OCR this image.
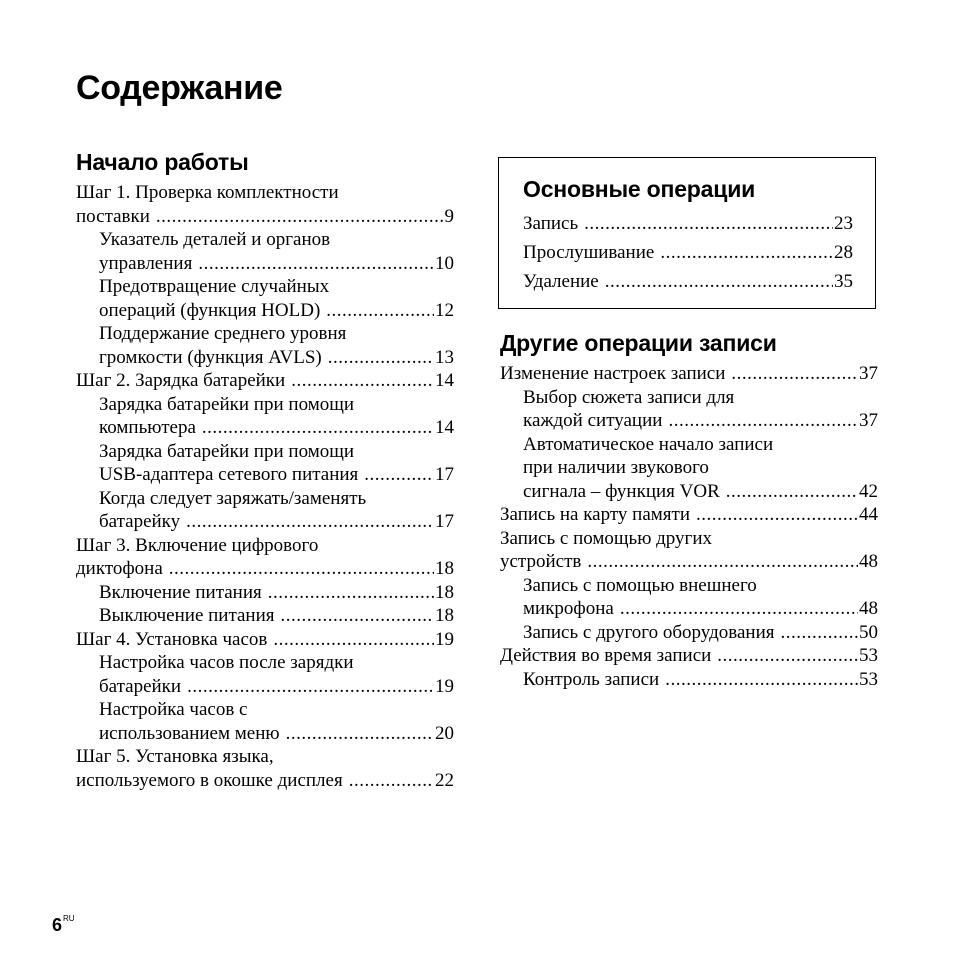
Содержание
Начало работы
Шаг 1. Проверка комплектности
поставки .....	9
Указатель деталей и органов
управления .....	10
Предотвращение случайных
операций (функция HOLD) .....	12
Поддержание среднего уровня
громкости (функция AVLS) .....	13
Шаг 2. Зарядка батарейки .....	14
Зарядка батарейки при помощи
компьютера .....	14
Зарядка батарейки при помощи
USB-адаптера сетевого питания .....	17
Когда следует заряжать/заменять
батарейку .....	17
Шаг 3. Включение цифрового
диктофона .....	18
Включение питания .....	18
Выключение питания .....	18
Шаг 4. Установка часов .....	19
Настройка часов после зарядки
батарейки .....	19
Настройка часов с
использованием меню .....	20
Шаг 5. Установка языка,
используемого в окошке дисплея .....	22
Основные операции
Запись .....	23
Прослушивание .....	28
Удаление .....	35
Другие операции записи
Изменение настроек записи .....	37
Выбор сюжета записи для
каждой ситуации .....	37
Автоматическое начало записи
при наличии звукового
сигнала – функция VOR .....	42
Запись на карту памяти .....	44
Запись с помощью других
устройств .....	48
Запись с помощью внешнего
микрофона .....	48
Запись с другого оборудования .....	50
Действия во время записи .....	53
Контроль записи .....	53
$6^{RU}$
